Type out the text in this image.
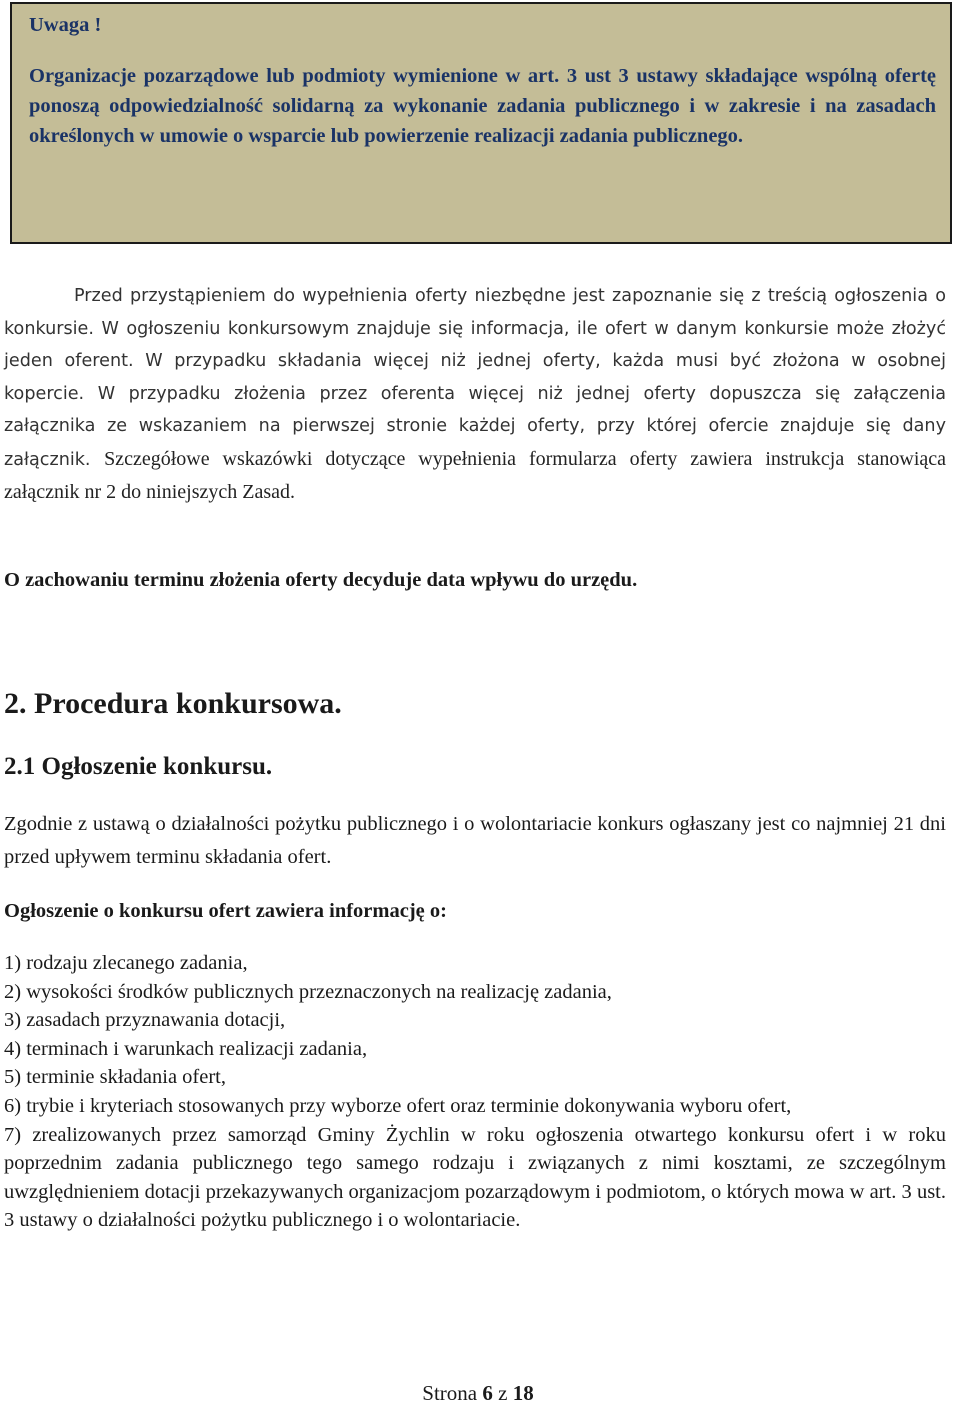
Uwaga !

Organizacje pozarządowe lub podmioty wymienione w art. 3 ust 3 ustawy składające wspólną ofertę ponoszą odpowiedzialność solidarną za wykonanie zadania publicznego i w zakresie i na zasadach określonych w umowie o wsparcie lub powierzenie realizacji zadania publicznego.

Przed przystąpieniem do wypełnienia oferty niezbędne jest zapoznanie się z treścią ogłoszenia o konkursie. W ogłoszeniu konkursowym znajduje się informacja, ile ofert w danym konkursie może złożyć jeden oferent. W przypadku składania więcej niż jednej oferty, każda musi być złożona w osobnej kopercie. W przypadku złożenia przez oferenta więcej niż jednej oferty dopuszcza się załączenia załącznika ze wskazaniem na pierwszej stronie każdej oferty, przy której ofercie znajduje się dany załącznik. Szczegółowe wskazówki dotyczące wypełnienia formularza oferty zawiera instrukcja stanowiąca załącznik nr 2 do niniejszych Zasad.

O zachowaniu terminu złożenia oferty decyduje data wpływu do urzędu.

2. Procedura konkursowa.
2.1 Ogłoszenie konkursu.

Zgodnie z ustawą o działalności pożytku publicznego i o wolontariacie konkurs ogłaszany jest co najmniej 21 dni przed upływem terminu składania ofert.

Ogłoszenie o konkursu ofert zawiera informację o:

1) rodzaju zlecanego zadania,
2) wysokości środków publicznych przeznaczonych na realizację zadania,
3) zasadach przyznawania dotacji,
4) terminach i warunkach realizacji zadania,
5) terminie składania ofert,
6) trybie i kryteriach stosowanych przy wyborze ofert oraz terminie dokonywania wyboru ofert,
7) zrealizowanych przez samorząd Gminy Żychlin w roku ogłoszenia otwartego konkursu ofert i w roku poprzednim zadania publicznego tego samego rodzaju i związanych z nimi kosztami, ze szczególnym uwzględnieniem dotacji przekazywanych organizacjom pozarządowym i podmiotom, o których mowa w art. 3 ust. 3 ustawy o działalności pożytku publicznego i o wolontariacie.

Strona 6 z 18
